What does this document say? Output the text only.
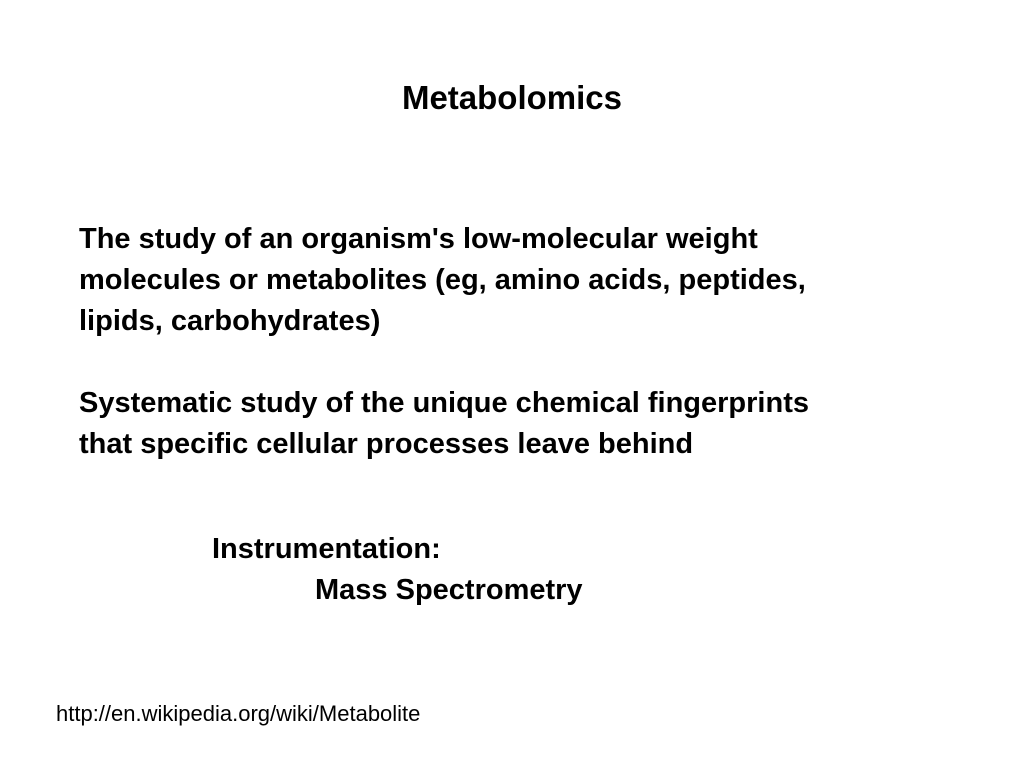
Metabolomics
The study of an organism's low-molecular weight
molecules or metabolites (eg, amino acids, peptides,
lipids, carbohydrates)
Systematic study of the unique chemical fingerprints
that specific cellular processes leave behind
Instrumentation:
Mass Spectrometry
http://en.wikipedia.org/wiki/Metabolite
